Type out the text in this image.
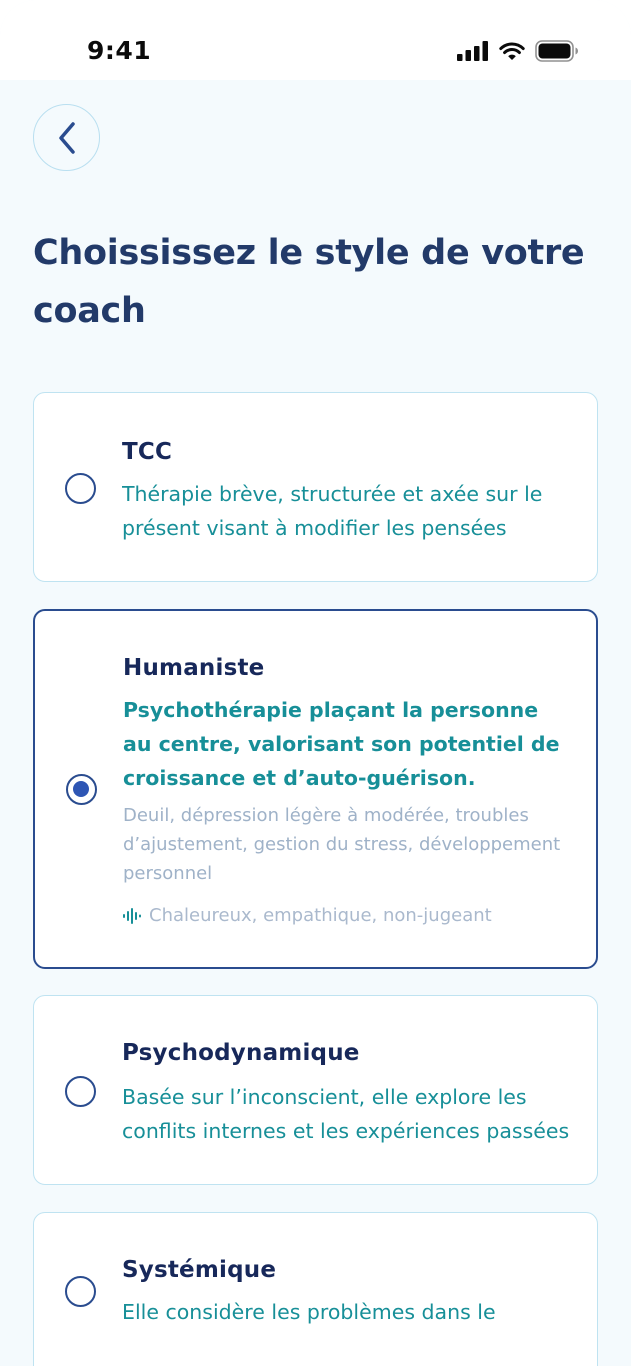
9:41
Choississez le style de votre coach
TCC
Thérapie brève, structurée et axée sur le présent visant à modifier les pensées
Humaniste
Psychothérapie plaçant la personne au centre, valorisant son potentiel de croissance et d’auto-guérison.
Deuil, dépression légère à modérée, troubles d’ajustement, gestion du stress, développement personnel
Chaleureux, empathique, non-jugeant
Psychodynamique
Basée sur l’inconscient, elle explore les conflits internes et les expériences passées
Systémique
Elle considère les problèmes dans le
